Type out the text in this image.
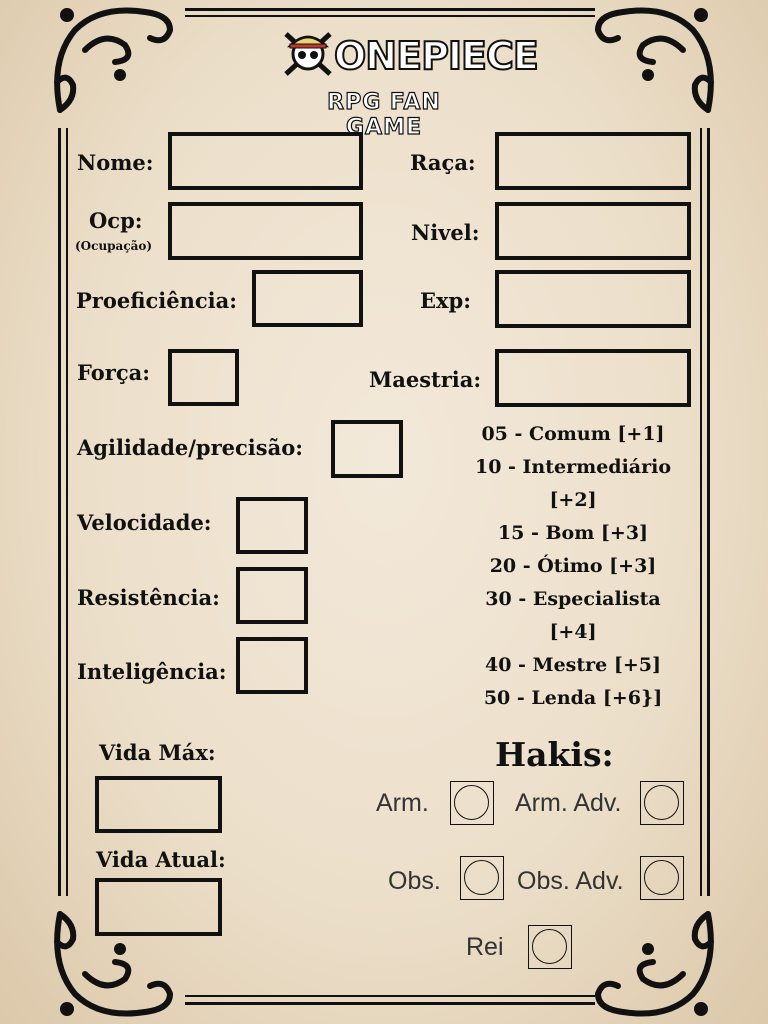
ONEPIECE
RPG FAN GAME
Nome:
Ocp:
(Ocupação)
Proeficiência:
Força:
Agilidade/precisão:
Velocidade:
Resistência:
Inteligência:
Vida Máx:
Vida Atual:
Raça:
Nivel:
Exp:
Maestria:
05 - Comum [+1]
10 - Intermediário
[+2]
15 - Bom [+3]
20 - Ótimo [+3]
30 - Especialista
[+4]
40 - Mestre [+5]
50 - Lenda [+6}]
Hakis:
Arm.	Arm. Adv.
Obs.	Obs. Adv.
Rei
